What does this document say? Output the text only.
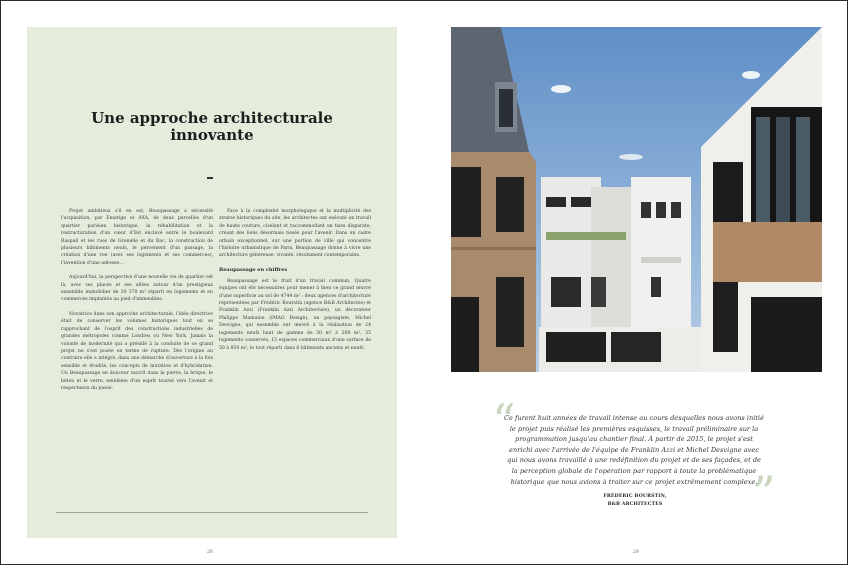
Une approche architecturale
innovante

Projet ambitieux s'il en est, Beaupassage a nécessité l'acquisition, par Emerige et AXA, de deux parcelles d'un quartier parisien historique, la réhabilitation et la restructuration d'un cœur d'îlot enclavé entre le boulevard Raspail et les rues de Grenelle et du Bac, la construction de plusieurs bâtiments neufs, le percement d'un passage, la création d'une rue (avec ses logements et ses commerces), l'invention d'une adresse…

Aujourd'hui, la perspective d'une nouvelle vie de quartier est là, avec ses places et ses allées autour d'un prestigieux ensemble immobilier de 30 378 m² réparti en logements et en commerces implantés au pied d'immeubles.

Novatrice dans son approche architecturale, l'idée directrice était de conserver les volumes historiques tout en se rapprochant de l'esprit des constructions industrielles de grandes métropoles comme Londres ou New York. Jamais la volonté de modernité qui a présidé à la conduite de ce grand projet ne s'est posée en terme de rupture. Dès l'origine au contraire elle a intégré, dans une démarche d'ouverture à la fois sensible et érudite, les concepts de mutation et d'hybridation. Un Beaupassage en douceur inscrit dans la pierre, la brique, le béton et le verre, emblème d'un esprit tourné vers l'avenir et respectueux du passé.

Face à la complexité morphologique et la multiplicité des strates historiques du site, les architectes ont exécuté un travail de haute couture, ciselant et raccommodant un tissu disparate, créant des liens désormais tissés pour l'avenir. Dans un cadre urbain exceptionnel, sur une portion de ville qui concentre l'histoire urbanistique de Paris, Beaupassage donne à vivre une architecture généreuse, vivante, résolument contemporaine.

Beaupassage en chiffres

Beaupassage est le fruit d'un travail commun. Quatre équipes ont été nécessaires pour mener à bien ce grand œuvre d'une superficie au sol de 4744 m² : deux agences d'architecture représentées par Frédéric Bourstin (agence B&B Architectes) et Franklin Azzi (Franklin Azzi Architecture), un décorateur Philippe Mamaine (IMAO Design), un paysagiste, Michel Desvigne, qui ensemble ont œuvré à la réalisation de 24 logements neufs haut de gamme de 30 m² à 200 m², 35 logements conservés, 15 espaces commerciaux d'une surface de 50 à 850 m², le tout réparti dans 6 bâtiments anciens et neufs.

28
“

Ce furent huit années de travail intense au cours desquelles nous avons initié le projet puis réalisé les premières esquisses, le travail préliminaire sur la programmation jusqu'au chantier final. À partir de 2015, le projet s'est enrichi avec l'arrivée de l'équipe de Franklin Azzi et Michel Desvigne avec qui nous avons travaillé à une redéfinition du projet et de ses façades, et de la perception globale de l'opération par rapport à toute la problématique historique que nous avions à traiter sur ce projet extrêmement complexe.

”
FRÉDÉRIC BOURSTIN,
B&B ARCHITECTES
29
